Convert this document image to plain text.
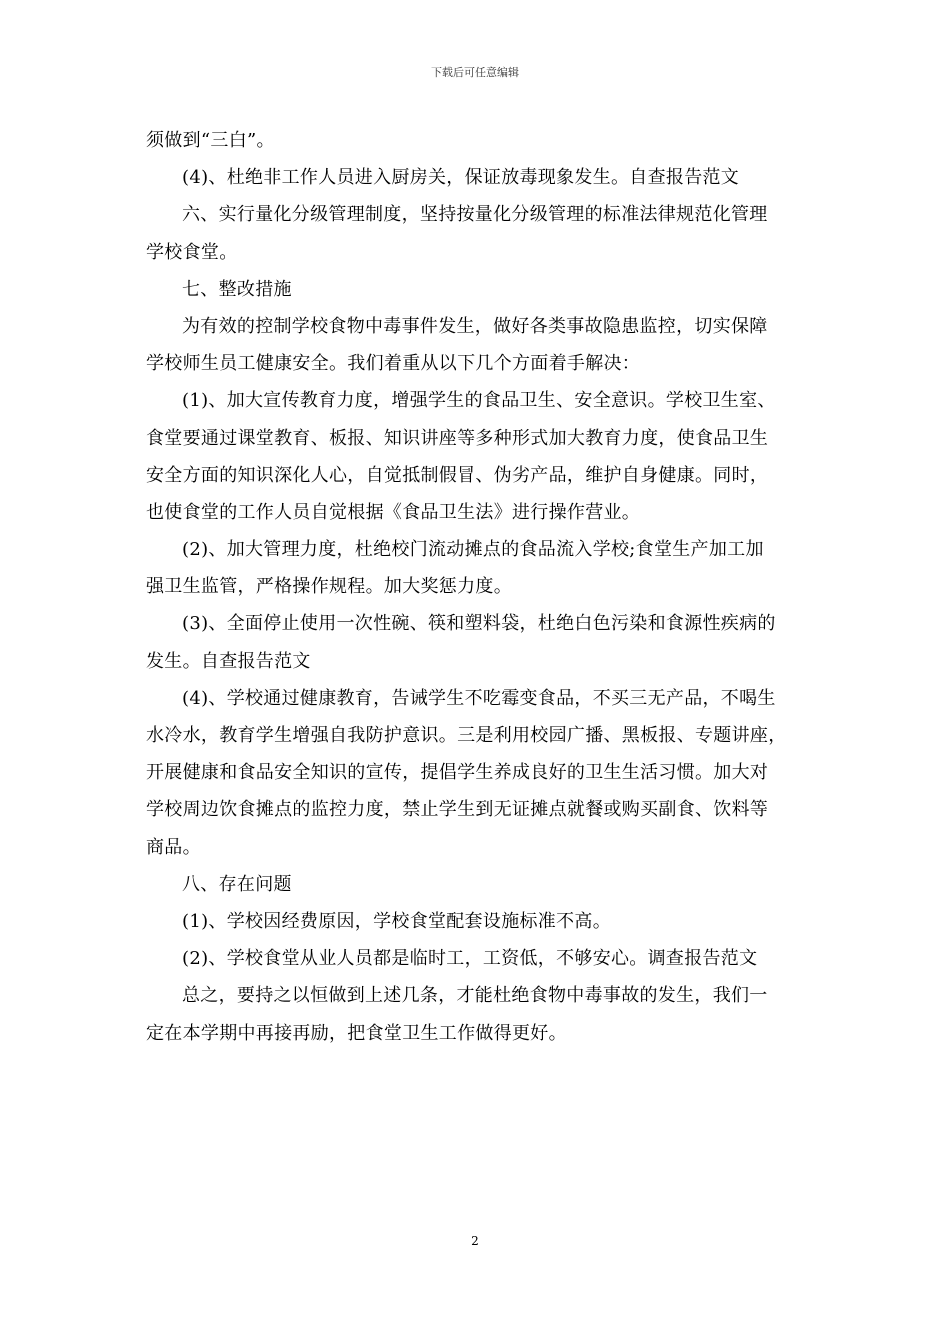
下载后可任意编辑
须做到“三白”。
(4)、杜绝非工作人员进入厨房关，保证放毒现象发生。自查报告范文
六、实行量化分级管理制度，坚持按量化分级管理的标准法律规范化管理
学校食堂。
七、整改措施
为有效的控制学校食物中毒事件发生，做好各类事故隐患监控，切实保障
学校师生员工健康安全。我们着重从以下几个方面着手解决：
(1)、加大宣传教育力度，增强学生的食品卫生、安全意识。学校卫生室、
食堂要通过课堂教育、板报、知识讲座等多种形式加大教育力度，使食品卫生
安全方面的知识深化人心，自觉抵制假冒、伪劣产品，维护自身健康。同时，
也使食堂的工作人员自觉根据《食品卫生法》进行操作营业。
(2)、加大管理力度，杜绝校门流动摊点的食品流入学校;食堂生产加工加
强卫生监管，严格操作规程。加大奖惩力度。
(3)、全面停止使用一次性碗、筷和塑料袋，杜绝白色污染和食源性疾病的
发生。自查报告范文
(4)、学校通过健康教育，告诫学生不吃霉变食品，不买三无产品，不喝生
水冷水，教育学生增强自我防护意识。三是利用校园广播、黑板报、专题讲座，
开展健康和食品安全知识的宣传，提倡学生养成良好的卫生生活习惯。加大对
学校周边饮食摊点的监控力度，禁止学生到无证摊点就餐或购买副食、饮料等
商品。
八、存在问题
(1)、学校因经费原因，学校食堂配套设施标准不高。
(2)、学校食堂从业人员都是临时工，工资低，不够安心。调查报告范文
总之，要持之以恒做到上述几条，才能杜绝食物中毒事故的发生，我们一
定在本学期中再接再励，把食堂卫生工作做得更好。
2
